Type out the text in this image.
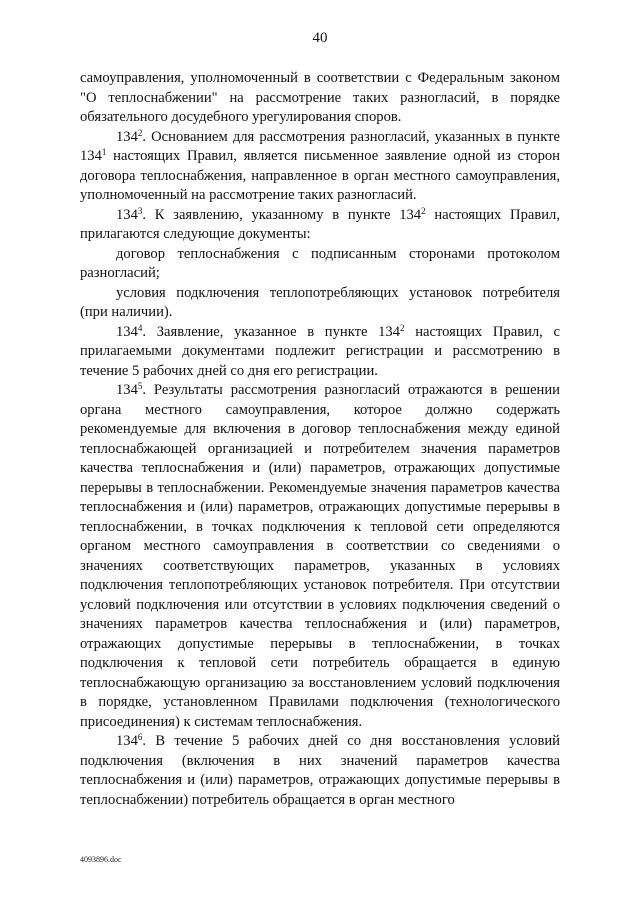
40

самоуправления, уполномоченный в соответствии с Федеральным законом "О теплоснабжении" на рассмотрение таких разногласий, в порядке обязательного досудебного урегулирования споров.

$134^2$. Основанием для рассмотрения разногласий, указанных в пункте $134^1$ настоящих Правил, является письменное заявление одной из сторон договора теплоснабжения, направленное в орган местного самоуправления, уполномоченный на рассмотрение таких разногласий.

$134^3$. К заявлению, указанному в пункте $134^2$ настоящих Правил, прилагаются следующие документы:

договор теплоснабжения с подписанным сторонами протоколом разногласий;

условия подключения теплопотребляющих установок потребителя (при наличии).

$134^4$. Заявление, указанное в пункте $134^2$ настоящих Правил, с прилагаемыми документами подлежит регистрации и рассмотрению в течение 5 рабочих дней со дня его регистрации.

$134^5$. Результаты рассмотрения разногласий отражаются в решении органа местного самоуправления, которое должно содержать рекомендуемые для включения в договор теплоснабжения между единой теплоснабжающей организацией и потребителем значения параметров качества теплоснабжения и (или) параметров, отражающих допустимые перерывы в теплоснабжении. Рекомендуемые значения параметров качества теплоснабжения и (или) параметров, отражающих допустимые перерывы в теплоснабжении, в точках подключения к тепловой сети определяются органом местного самоуправления в соответствии со сведениями о значениях соответствующих параметров, указанных в условиях подключения теплопотребляющих установок потребителя. При отсутствии условий подключения или отсутствии в условиях подключения сведений о значениях параметров качества теплоснабжения и (или) параметров, отражающих допустимые перерывы в теплоснабжении, в точках подключения к тепловой сети потребитель обращается в единую теплоснабжающую организацию за восстановлением условий подключения в порядке, установленном Правилами подключения (технологического присоединения) к системам теплоснабжения.

$134^6$. В течение 5 рабочих дней со дня восстановления условий подключения (включения в них значений параметров качества теплоснабжения и (или) параметров, отражающих допустимые перерывы в теплоснабжении) потребитель обращается в орган местного

4093896.doc
